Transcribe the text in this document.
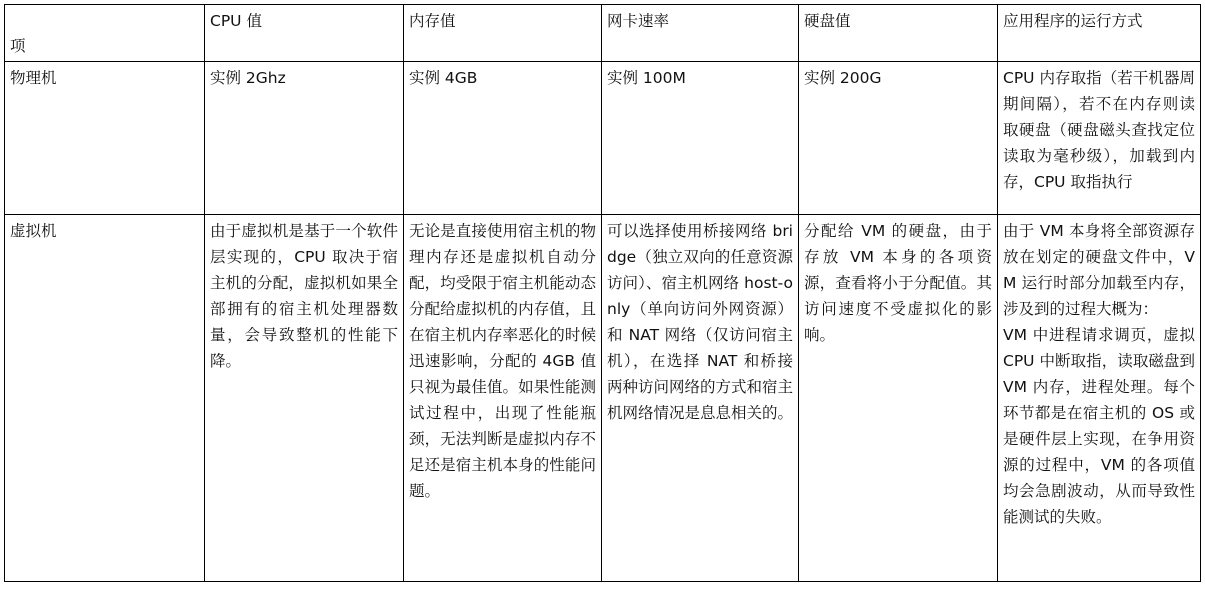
项	CPU 值	内存值	网卡速率	硬盘值	应用程序的运行方式
物理机	实例 2Ghz	实例 4GB	实例 100M	实例 200G	CPU 内存取指（若干机器周期间隔），若不在内存则读取硬盘（硬盘磁头查找定位读取为毫秒级），加载到内存，CPU 取指执行
虚拟机	由于虚拟机是基于一个软件层实现的，CPU 取决于宿主机的分配，虚拟机如果全部拥有的宿主机处理器数量，会导致整机的性能下降。	无论是直接使用宿主机的物理内存还是虚拟机自动分配，均受限于宿主机能动态分配给虚拟机的内存值，且在宿主机内存率恶化的时候迅速影响，分配的 4GB 值只视为最佳值。如果性能测试过程中，出现了性能瓶颈，无法判断是虚拟内存不足还是宿主机本身的性能问题。	可以选择使用桥接网络 bridge（独立双向的任意资源访问）、宿主机网络 host-only（单向访问外网资源）和 NAT 网络（仅访问宿主机），在选择 NAT 和桥接两种访问网络的方式和宿主机网络情况是息息相关的。	分配给 VM 的硬盘，由于存放 VM 本身的各项资源，查看将小于分配值。其访问速度不受虚拟化的影响。	由于 VM 本身将全部资源存放在划定的硬盘文件中，VM 运行时部分加载至内存，涉及到的过程大概为：
VM 中进程请求调页，虚拟 CPU 中断取指，读取磁盘到 VM 内存，进程处理。每个环节都是在宿主机的 OS 或是硬件层上实现，在争用资源的过程中，VM 的各项值均会急剧波动，从而导致性能测试的失败。
